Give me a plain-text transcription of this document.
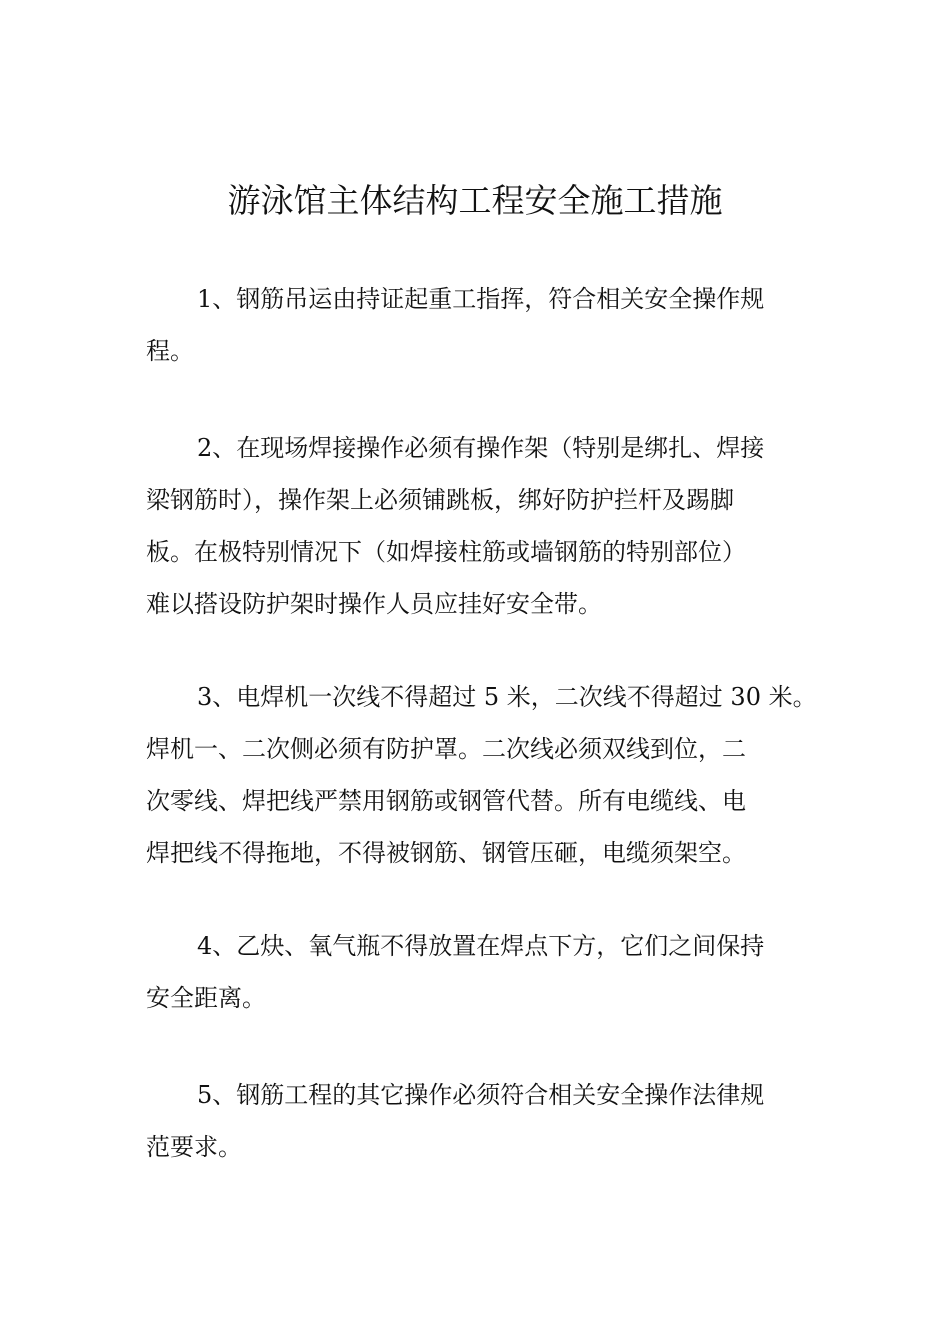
游泳馆主体结构工程安全施工措施

1、钢筋吊运由持证起重工指挥，符合相关安全操作规
程。

2、在现场焊接操作必须有操作架（特别是绑扎、焊接
梁钢筋时），操作架上必须铺跳板，绑好防护拦杆及踢脚
板。在极特别情况下（如焊接柱筋或墙钢筋的特别部位）
难以搭设防护架时操作人员应挂好安全带。

3、电焊机一次线不得超过 5 米，二次线不得超过 30 米。
焊机一、二次侧必须有防护罩。二次线必须双线到位，二
次零线、焊把线严禁用钢筋或钢管代替。所有电缆线、电
焊把线不得拖地，不得被钢筋、钢管压砸，电缆须架空。

4、乙炔、氧气瓶不得放置在焊点下方，它们之间保持
安全距离。

5、钢筋工程的其它操作必须符合相关安全操作法律规
范要求。
